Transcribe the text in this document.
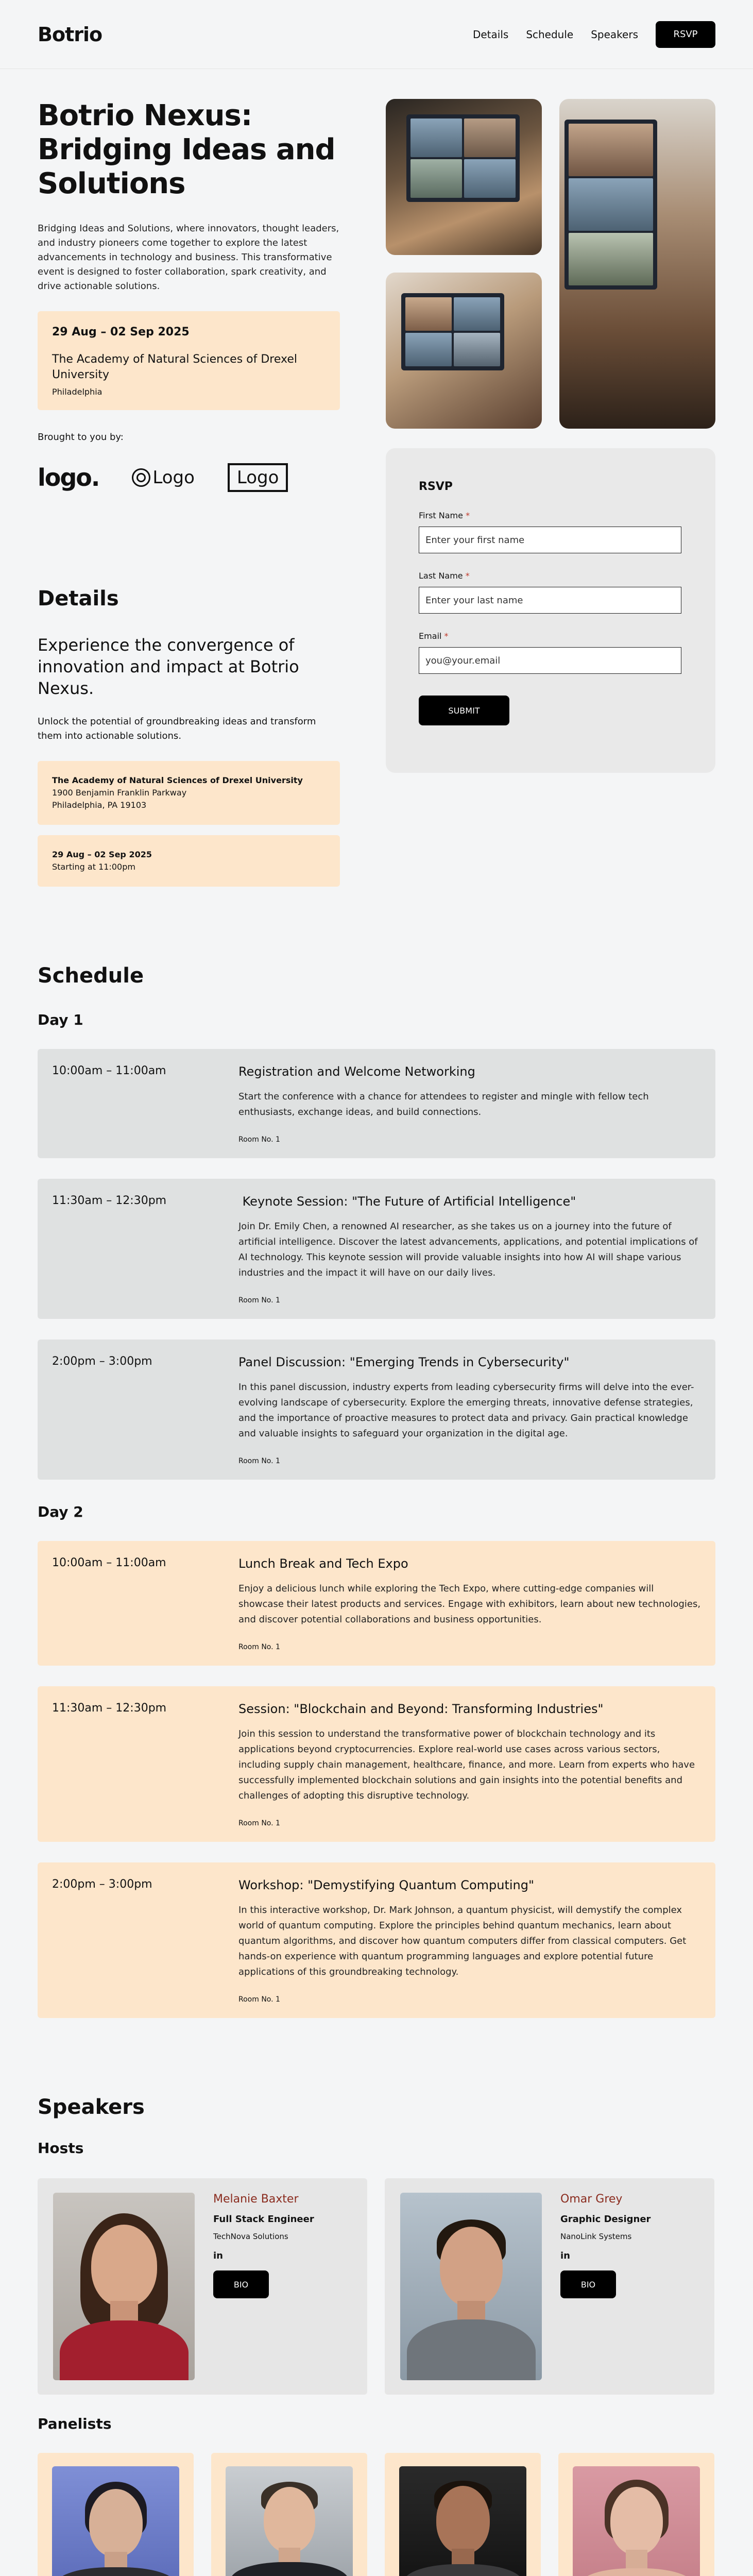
Botrio	Details Schedule Speakers	RSVP
Botrio Nexus: Bridging Ideas and Solutions

Bridging Ideas and Solutions, where innovators, thought leaders, and industry pioneers come together to explore the latest advancements in technology and business. This transformative event is designed to foster collaboration, spark creativity, and drive actionable solutions.

29 Aug – 02 Sep 2025
The Academy of Natural Sciences of Drexel University
Philadelphia
Brought to you by:
logo.	Logo	Logo
Details
Experience the convergence of innovation and impact at Botrio Nexus.
Unlock the potential of groundbreaking ideas and transform them into actionable solutions.
The Academy of Natural Sciences of Drexel University
1900 Benjamin Franklin Parkway
Philadelphia, PA 19103
29 Aug – 02 Sep 2025
Starting at 11:00pm
RSVP
First Name *
Enter your first name
Last Name *
Enter your last name
Email *
you@your.email SUBMIT
Schedule
Day 1
10:00am – 11:00am	Registration and Welcome Networking
Start the conference with a chance for attendees to register and mingle with fellow tech enthusiasts, exchange ideas, and build connections.
Room No. 1
11:30am – 12:30pm	Keynote Session: "The Future of Artificial Intelligence"
Join Dr. Emily Chen, a renowned AI researcher, as she takes us on a journey into the future of artificial intelligence. Discover the latest advancements, applications, and potential implications of AI technology. This keynote session will provide valuable insights into how AI will shape various industries and the impact it will have on our daily lives.
Room No. 1
2:00pm – 3:00pm	Panel Discussion: "Emerging Trends in Cybersecurity"
In this panel discussion, industry experts from leading cybersecurity firms will delve into the ever-evolving landscape of cybersecurity. Explore the emerging threats, innovative defense strategies, and the importance of proactive measures to protect data and privacy. Gain practical knowledge and valuable insights to safeguard your organization in the digital age.
Room No. 1
Day 2
10:00am – 11:00am	Lunch Break and Tech Expo
Enjoy a delicious lunch while exploring the Tech Expo, where cutting-edge companies will showcase their latest products and services. Engage with exhibitors, learn about new technologies, and discover potential collaborations and business opportunities.
Room No. 1
11:30am – 12:30pm	Session: "Blockchain and Beyond: Transforming Industries"
Join this session to understand the transformative power of blockchain technology and its applications beyond cryptocurrencies. Explore real-world use cases across various sectors, including supply chain management, healthcare, finance, and more. Learn from experts who have successfully implemented blockchain solutions and gain insights into the potential benefits and challenges of adopting this disruptive technology.
Room No. 1
2:00pm – 3:00pm	Workshop: "Demystifying Quantum Computing"
In this interactive workshop, Dr. Mark Johnson, a quantum physicist, will demystify the complex world of quantum computing. Explore the principles behind quantum mechanics, learn about quantum algorithms, and discover how quantum computers differ from classical computers. Get hands-on experience with quantum programming languages and explore potential future applications of this groundbreaking technology.
Room No. 1
Speakers
Hosts
Melanie Baxter
Full Stack Engineer
TechNova Solutions
in
BIO
Omar Grey
Graphic Designer
NanoLink Systems
in
BIO
Panelists
